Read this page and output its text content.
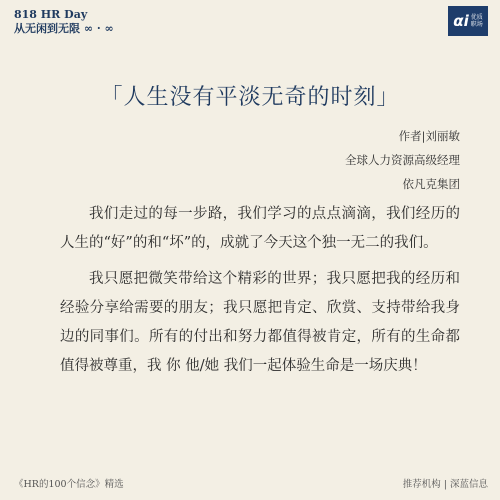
818 HR Day
从无闲到无限 ∞ · ∞	αi 优质
职场
「人生没有平淡无奇的时刻」
作者|刘丽敏
全球人力资源高级经理
依凡克集团

我们走过的每一步路，我们学习的点点滴滴，我们经历的人生的“好”的和“坏”的，成就了今天这个独一无二的我们。

我只愿把微笑带给这个精彩的世界；我只愿把我的经历和经验分享给需要的朋友；我只愿把肯定、欣赏、支持带给我身边的同事们。所有的付出和努力都值得被肯定，所有的生命都值得被尊重，我 你 他/她 我们一起体验生命是一场庆典！

《HR的100个信念》精选	推荐机构 | 深蓝信息
